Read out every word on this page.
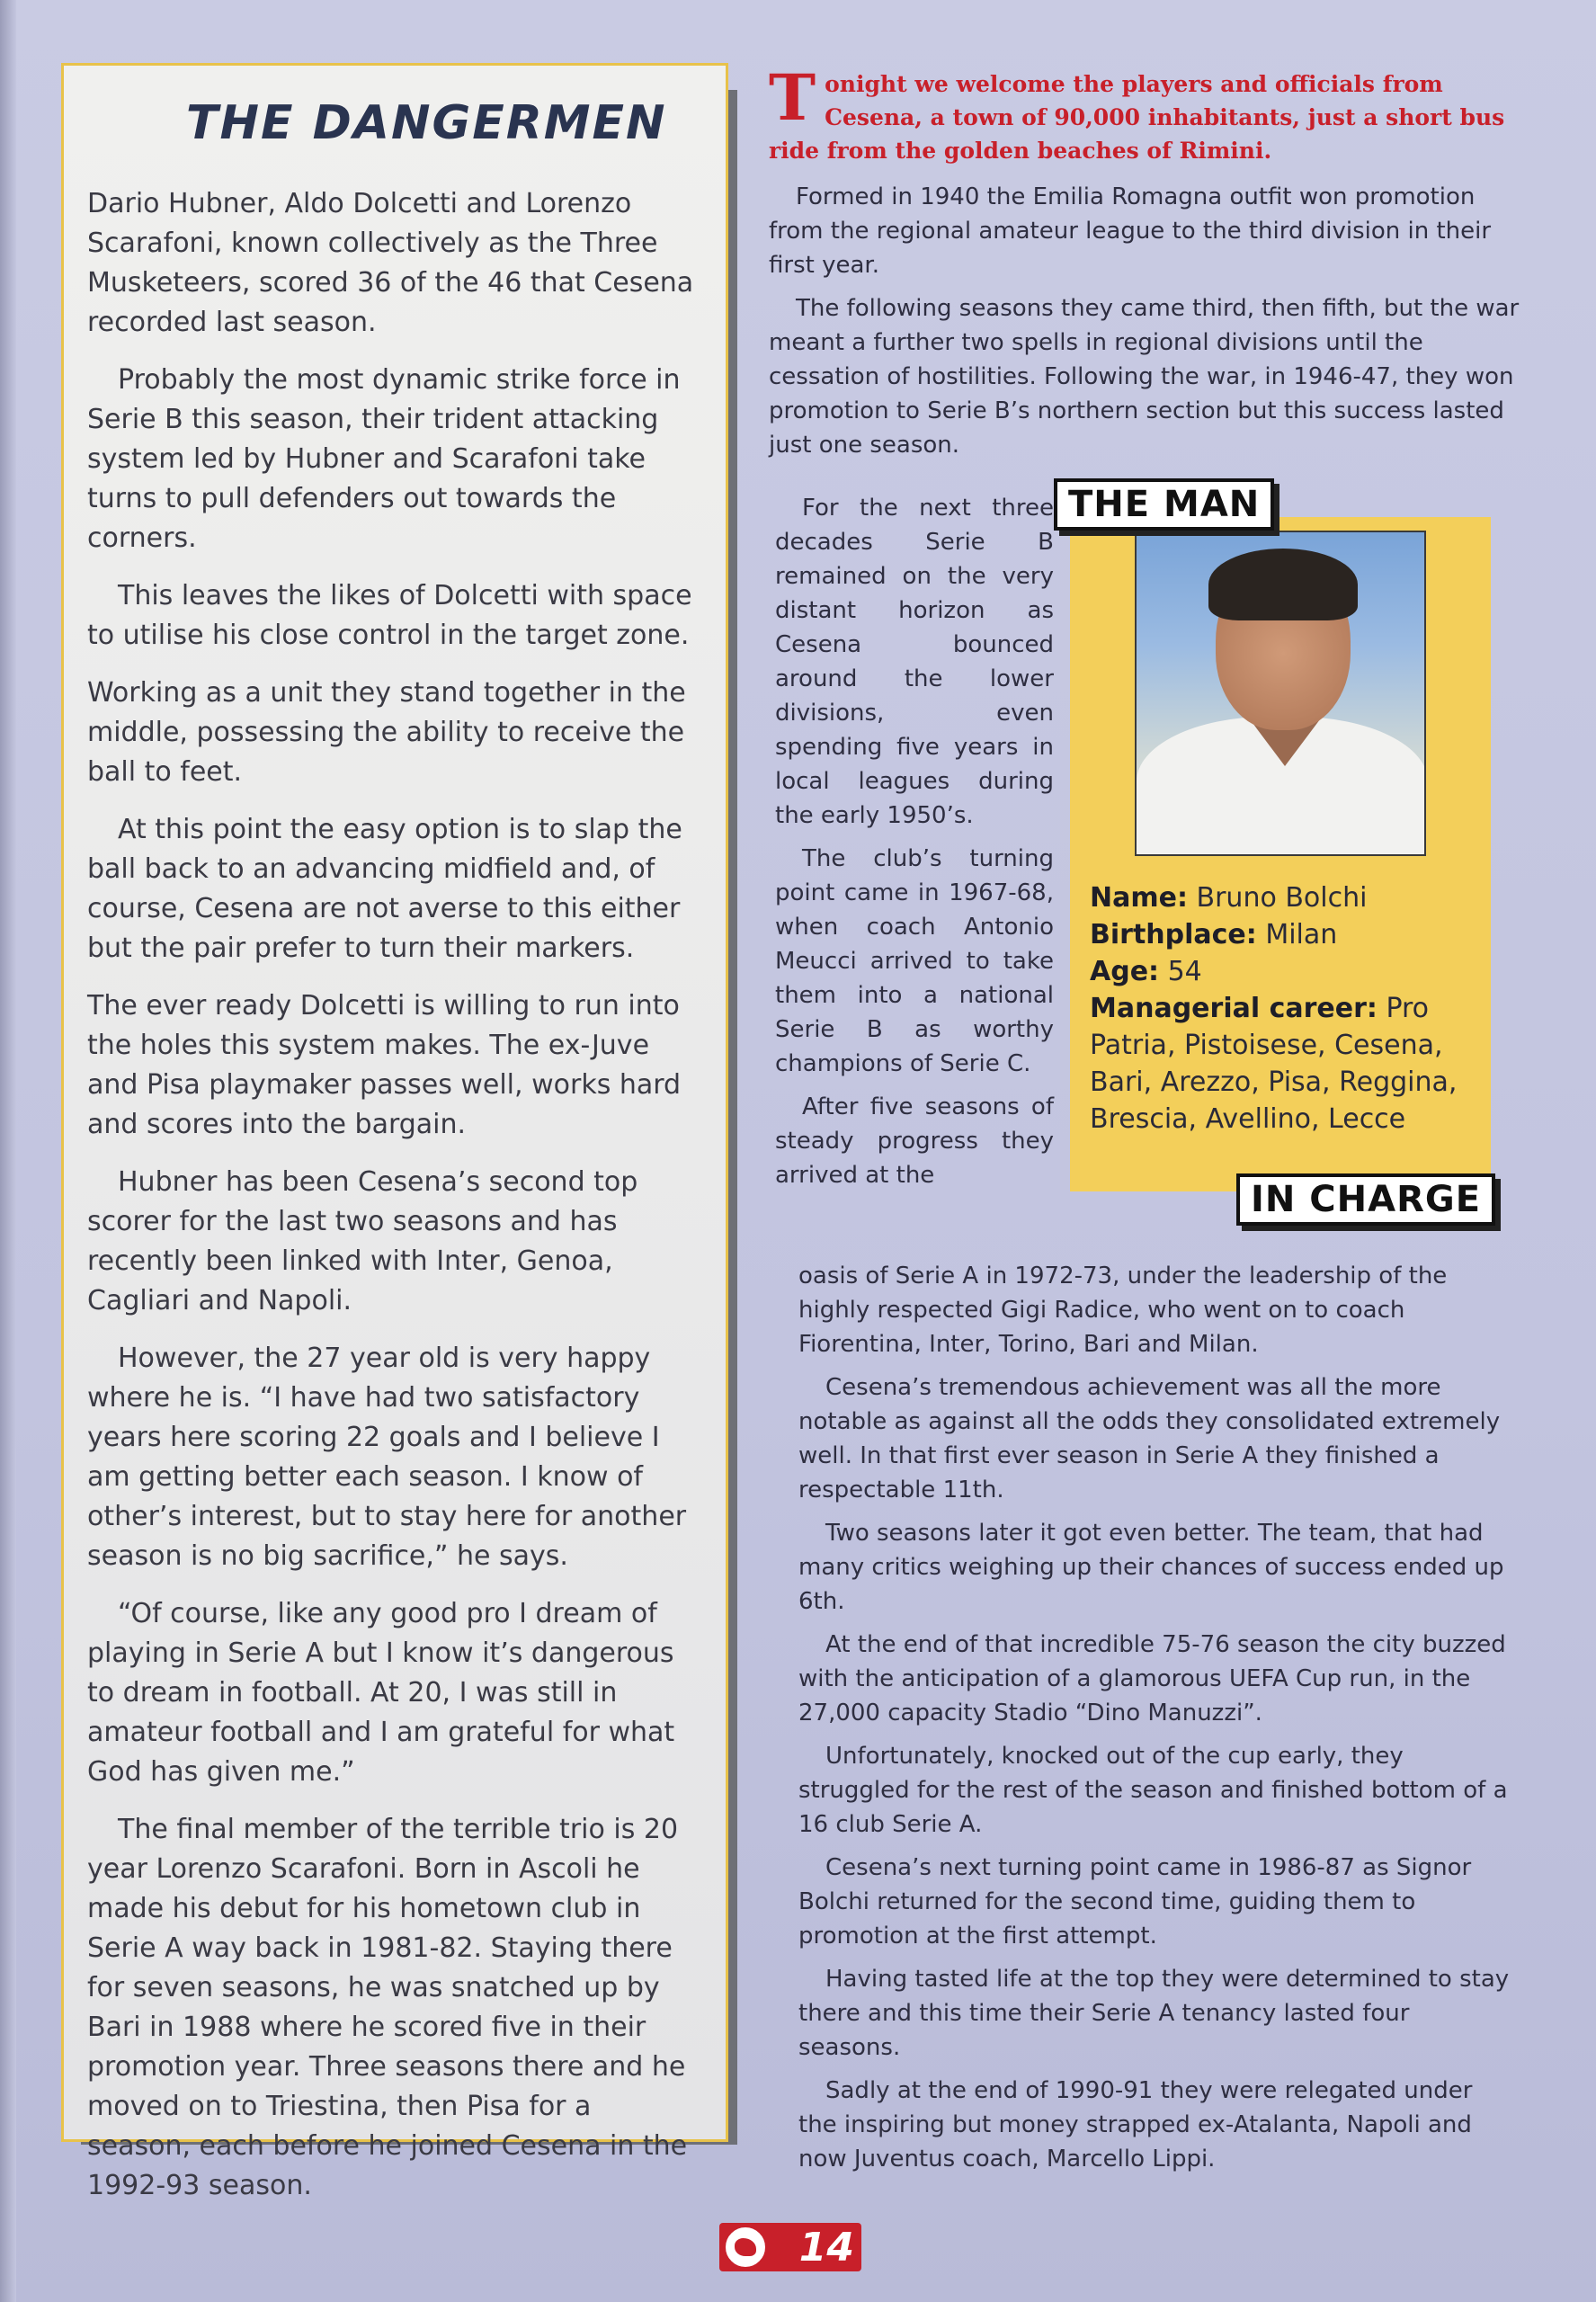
THE DANGERMEN

Dario Hubner, Aldo Dolcetti and Lorenzo Scarafoni, known collectively as the Three Musketeers, scored 36 of the 46 that Cesena recorded last season.

Probably the most dynamic strike force in Serie B this season, their trident attacking system led by Hubner and Scarafoni take turns to pull defenders out towards the corners.

This leaves the likes of Dolcetti with space to utilise his close control in the target zone.

Working as a unit they stand together in the middle, possessing the ability to receive the ball to feet.

At this point the easy option is to slap the ball back to an advancing midfield and, of course, Cesena are not averse to this either but the pair prefer to turn their markers.

The ever ready Dolcetti is willing to run into the holes this system makes. The ex-Juve and Pisa playmaker passes well, works hard and scores into the bargain.

Hubner has been Cesena’s second top scorer for the last two seasons and has recently been linked with Inter, Genoa, Cagliari and Napoli.

However, the 27 year old is very happy where he is. “I have had two satisfactory years here scoring 22 goals and I believe I am getting better each season. I know of other’s interest, but to stay here for another season is no big sacrifice,” he says.

“Of course, like any good pro I dream of playing in Serie A but I know it’s dangerous to dream in football. At 20, I was still in amateur football and I am grateful for what God has given me.”

The final member of the terrible trio is 20 year Lorenzo Scarafoni. Born in Ascoli he made his debut for his hometown club in Serie A way back in 1981-82. Staying there for seven seasons, he was snatched up by Bari in 1988 where he scored five in their promotion year. Three seasons there and he moved on to Triestina, then Pisa for a season, each before he joined Cesena in the 1992-93 season.

Tonight we welcome the players and officials from Cesena, a town of 90,000 inhabitants, just a short bus ride from the golden beaches of Rimini.

Formed in 1940 the Emilia Romagna outfit won promotion from the regional amateur league to the third division in their first year.

The following seasons they came third, then fifth, but the war meant a further two spells in regional divisions until the cessation of hostilities. Following the war, in 1946-47, they won promotion to Serie B’s northern section but this success lasted just one season.

For the next three decades Serie B remained on the very distant horizon as Cesena bounced around the lower divisions, even spending five years in local leagues during the early 1950’s.

The club’s turning point came in 1967-68, when coach Antonio Meucci arrived to take them into a national Serie B as worthy champions of Serie C.

After five seasons of steady progress they arrived at the

oasis of Serie A in 1972-73, under the leadership of the highly respected Gigi Radice, who went on to coach Fiorentina, Inter, Torino, Bari and Milan.

Cesena’s tremendous achievement was all the more notable as against all the odds they consolidated extremely well. In that first ever season in Serie A they finished a respectable 11th.

Two seasons later it got even better. The team, that had many critics weighing up their chances of success ended up 6th.

At the end of that incredible 75-76 season the city buzzed with the anticipation of a glamorous UEFA Cup run, in the 27,000 capacity Stadio “Dino Manuzzi”.

Unfortunately, knocked out of the cup early, they struggled for the rest of the season and finished bottom of a 16 club Serie A.

Cesena’s next turning point came in 1986-87 as Signor Bolchi returned for the second time, guiding them to promotion at the first attempt.

Having tasted life at the top they were determined to stay there and this time their Serie A tenancy lasted four seasons.

Sadly at the end of 1990-91 they were relegated under the inspiring but money strapped ex-Atalanta, Napoli and now Juventus coach, Marcello Lippi.

THE MAN
IN CHARGE
Name: Bruno Bolchi
Birthplace: Milan
Age: 54
Managerial career: Pro Patria, Pistoisese, Cesena, Bari, Arezzo, Pisa, Reggina, Brescia, Avellino, Lecce
14
